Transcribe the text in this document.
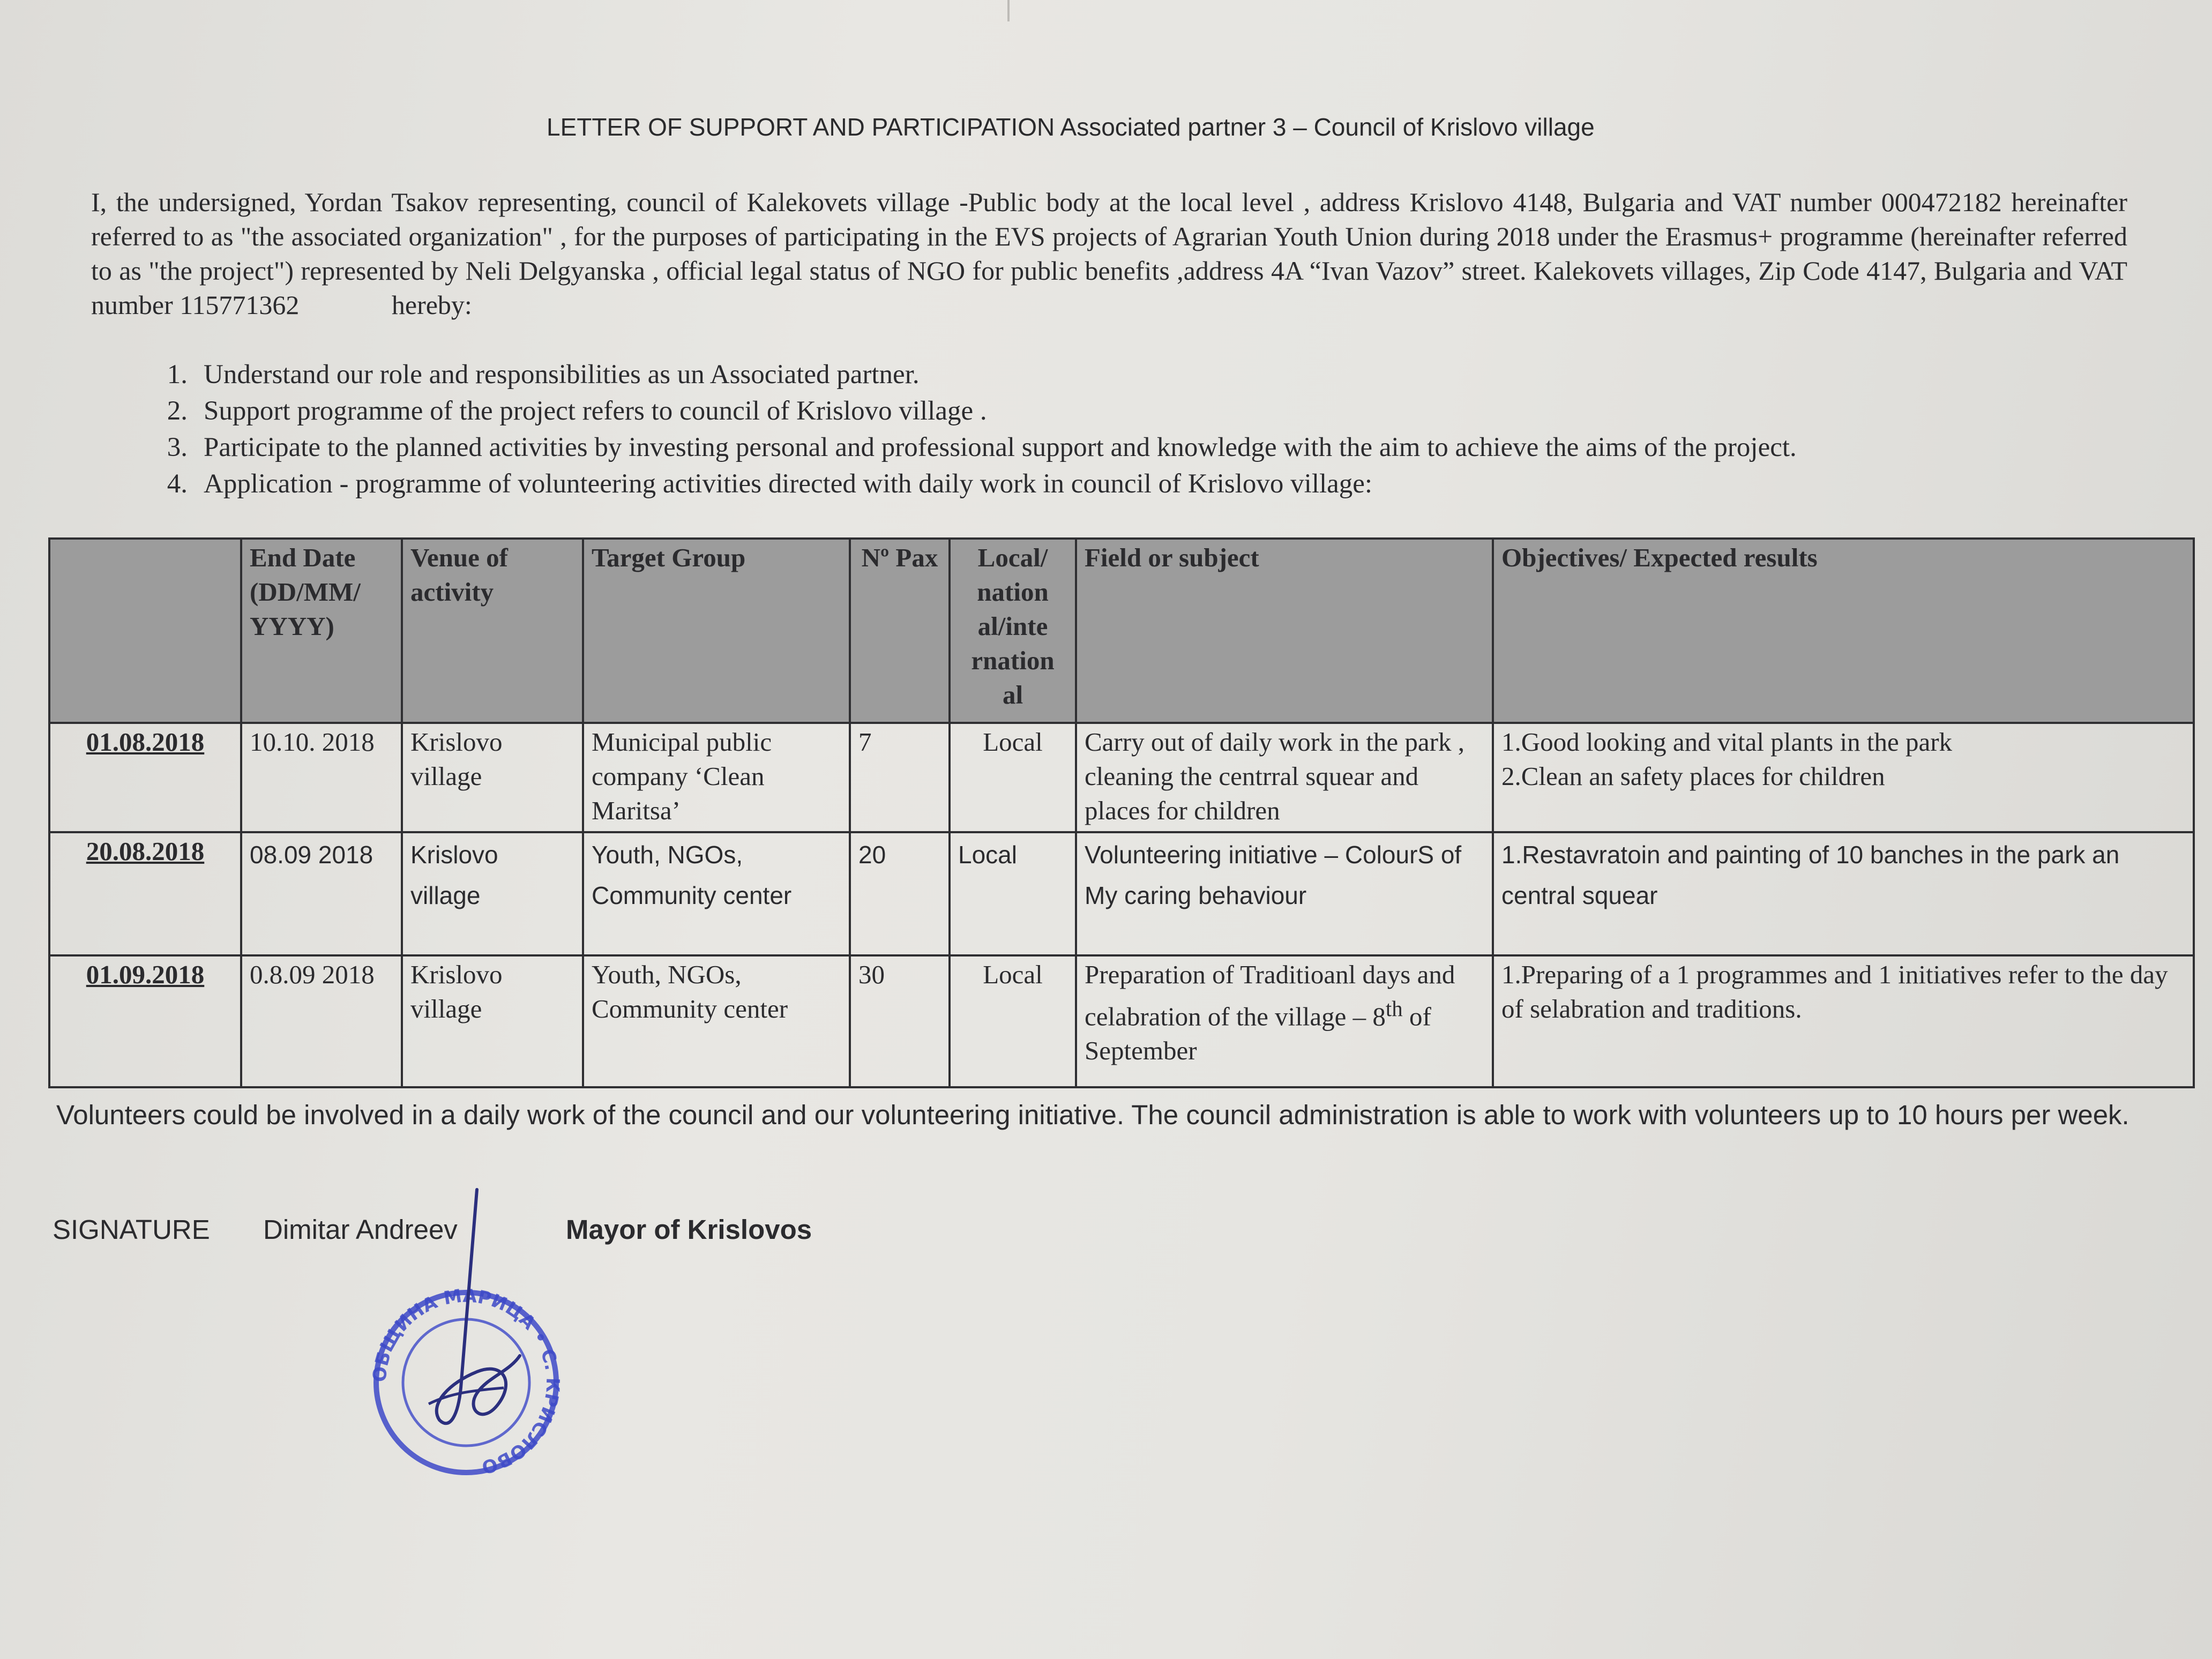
LETTER OF SUPPORT AND PARTICIPATION Associated partner 3 – Council of Krislovo village
I, the undersigned, Yordan Tsakov representing, council of Kalekovets village -Public body at the local level , address Krislovo 4148, Bulgaria and VAT number 000472182 hereinafter referred to as "the associated organization" , for the purposes of participating in the EVS projects of Agrarian Youth Union during 2018 under the Erasmus+ programme (hereinafter referred to as "the project") represented by Neli Delgyanska , official legal status of NGO for public benefits ,address 4A “Ivan Vazov” street. Kalekovets villages, Zip Code 4147, Bulgaria and VAT number 115771362	hereby:
1. Understand our role and responsibilities as un Associated partner.
2. Support programme of the project refers to council of Krislovo village .
3. Participate to the planned activities by investing personal and professional support and knowledge with the aim to achieve the aims of the project.
4. Application - programme of volunteering activities directed with daily work in council of Krislovo village:
	End Date (DD/MM/ YYYY)	Venue of activity	Target Group	Nº Pax	Local/ nation al/inte rnation al	Field or subject	Objectives/ Expected results
01.08.2018	10.10. 2018	Krislovo village	Municipal public company ‘Clean Maritsa’	7	Local	Carry out of daily work in the park , cleaning the centrral squear and places for children	1.Good looking and vital plants in the park
2.Clean an safety places for children

20.08.2018	08.09 2018	Krislovo village	Youth, NGOs, Community center	20	Local	Volunteering initiative – ColourS of My caring behaviour	1.Restavratoin and painting of 10 banches in the park an central squear
01.09.2018	0.8.09 2018	Krislovo village	Youth, NGOs, Community center	30	Local	Preparation of Traditioanl days and celabration of the village – 8th of September	1.Preparing of a 1 programmes and 1 initiatives refer to the day of selabration and traditions.
Volunteers could be involved in a daily work of the council and our volunteering initiative. The council administration is able to work with volunteers up to 10 hours per week.
SIGNATURE Dimitar Andreev	Mayor of Krislovos
ОБЩИНА МАРИЦА • С. КРИСЛОВО
